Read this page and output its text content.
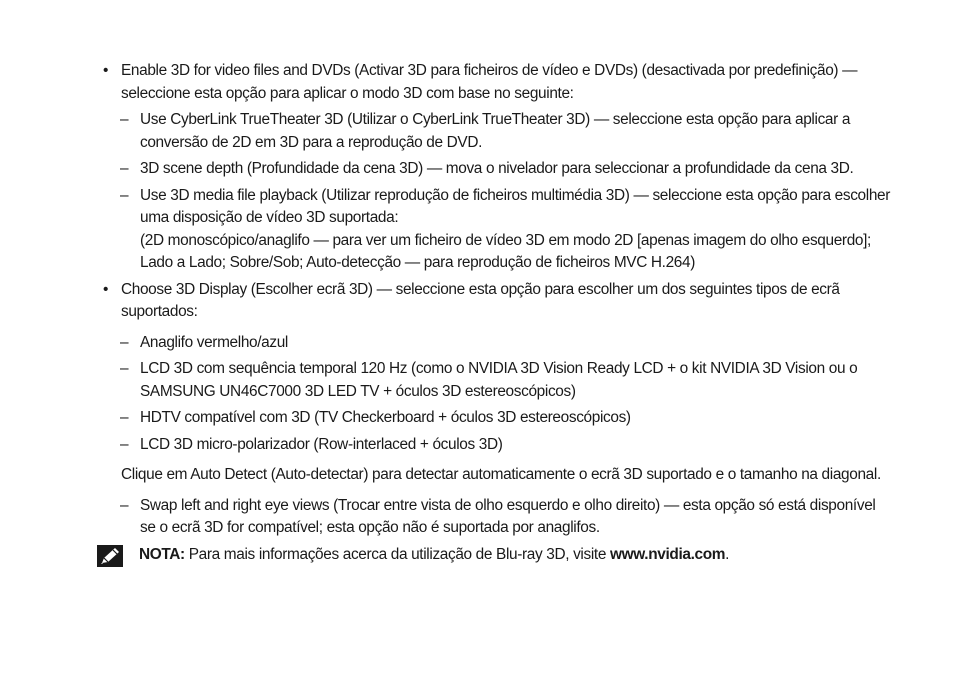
• Enable 3D for video files and DVDs (Activar 3D para ficheiros de vídeo e DVDs) (desactivada por predefinição) — seleccione esta opção para aplicar o modo 3D com base no seguinte:
– Use CyberLink TrueTheater 3D (Utilizar o CyberLink TrueTheater 3D) — seleccione esta opção para aplicar a conversão de 2D em 3D para a reprodução de DVD.
– 3D scene depth (Profundidade da cena 3D) — mova o nivelador para seleccionar a profundidade da cena 3D.
– Use 3D media file playback (Utilizar reprodução de ficheiros multimédia 3D) — seleccione esta opção para escolher uma disposição de vídeo 3D suportada:
(2D monoscópico/anaglifo — para ver um ficheiro de vídeo 3D em modo 2D [apenas imagem do olho esquerdo]; Lado a Lado; Sobre/Sob; Auto-detecção — para reprodução de ficheiros MVC H.264)
• Choose 3D Display (Escolher ecrã 3D) — seleccione esta opção para escolher um dos seguintes tipos de ecrã suportados:
– Anaglifo vermelho/azul
– LCD 3D com sequência temporal 120 Hz (como o NVIDIA 3D Vision Ready LCD + o kit NVIDIA 3D Vision ou o SAMSUNG UN46C7000 3D LED TV + óculos 3D estereoscópicos)
– HDTV compatível com 3D (TV Checkerboard + óculos 3D estereoscópicos)
– LCD 3D micro-polarizador (Row-interlaced + óculos 3D)
Clique em Auto Detect (Auto-detectar) para detectar automaticamente o ecrã 3D suportado e o tamanho na diagonal.
– Swap left and right eye views (Trocar entre vista de olho esquerdo e olho direito) — esta opção só está disponível se o ecrã 3D for compatível; esta opção não é suportada por anaglifos.
NOTA: Para mais informações acerca da utilização de Blu-ray 3D, visite www.nvidia.com.
